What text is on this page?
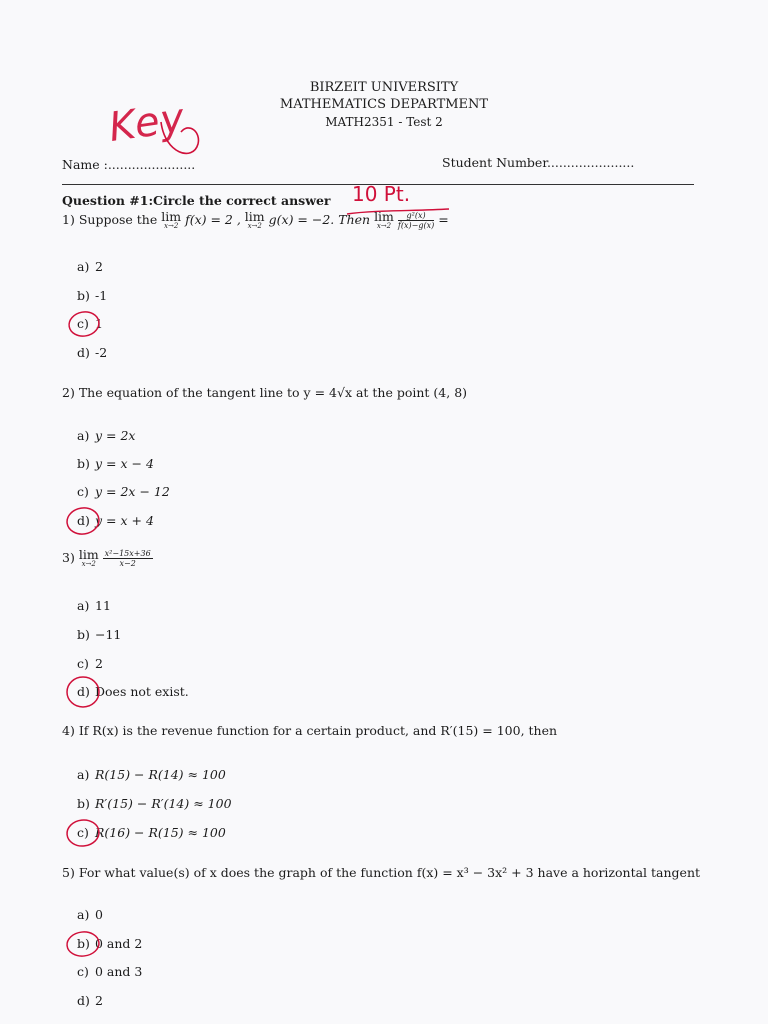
BIRZEIT UNIVERSITY
MATHEMATICS DEPARTMENT
MATH2351 - Test 2
Name :......................	Student Number......................
Key
Question #1:Circle the correct answer 10 Pt.
1) Suppose the lim
x→2 f(x) = 2 , lim
x→2 g(x) = −2. Then lim
x→2
$\frac{\text{g²(x)}}{f(x)-g(x)}$ =
a) 2
b) -1
c) 1
d) -2
2) The equation of the tangent line to y = 4√x at the point (4, 8)
a) y = 2x
b) y = x − 4
c) y = 2x − 12
d) y = x + 4
3) lim
x→2
$\frac{\text{x²−15x+36}}{x-2}$
a) 11
b) −11
c) 2
d) Does not exist.
4) If R(x) is the revenue function for a certain product, and R′(15) = 100, then
a) R(15) − R(14) ≈ 100
b) R′(15) − R′(14) ≈ 100
c) R(16) − R(15) ≈ 100
5) For what value(s) of x does the graph of the function f(x) = x³ − 3x² + 3 have a horizontal tangent
a) 0
b) 0 and 2
c) 0 and 3
d) 2
